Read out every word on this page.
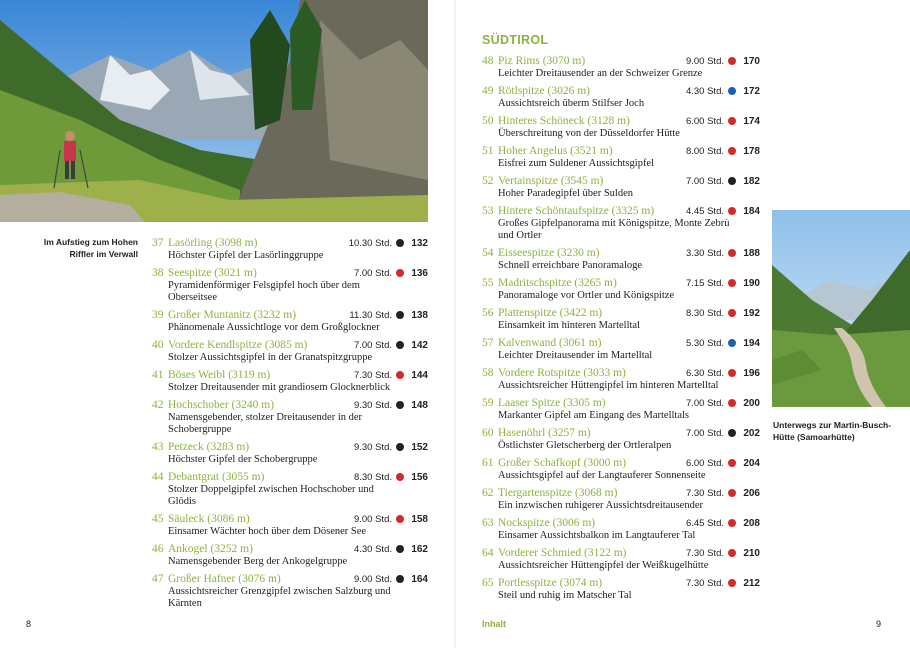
Im Aufstieg zum Hohen Riffler im Verwall
37 Lasörling (3098 m)	10.30 Std. 132
Höchster Gipfel der Lasörlinggruppe
38 Seespitze (3021 m)	7.00 Std. 136
Pyramidenförmiger Felsgipfel hoch über dem Oberseitsee
39 Großer Muntanitz (3232 m)	11.30 Std. 138
Phänomenale Aussichtloge vor dem Großglockner
40 Vordere Kendlspitze (3085 m)	7.00 Std. 142
Stolzer Aussichtsgipfel in der Granatspitzgruppe
41 Böses Weibl (3119 m)	7.30 Std. 144
Stolzer Dreitausender mit grandiosem Glocknerblick
42 Hochschober (3240 m)	9.30 Std. 148
Namensgebender, stolzer Dreitausender in der Schobergruppe
43 Petzeck (3283 m)	9.30 Std. 152
Höchster Gipfel der Schobergruppe
44 Debantgrat (3055 m)	8.30 Std. 156
Stolzer Doppelgipfel zwischen Hochschober und Glödis
45 Säuleck (3086 m)	9.00 Std. 158
Einsamer Wächter hoch über dem Dösener See
46 Ankogel (3252 m)	4.30 Std. 162
Namensgebender Berg der Ankogelgruppe
47 Großer Hafner (3076 m)	9.00 Std. 164
Aussichtsreicher Grenzgipfel zwischen Salzburg und Kärnten
8
SÜDTIROL
48 Piz Rims (3070 m)	9.00 Std. 170
Leichter Dreitausender an der Schweizer Grenze
49 Rötlspitze (3026 m)	4.30 Std. 172
Aussichtsreich überm Stilfser Joch
50 Hinteres Schöneck (3128 m)	6.00 Std. 174
Überschreitung von der Düsseldorfer Hütte
51 Hoher Angelus (3521 m)	8.00 Std. 178
Eisfrei zum Suldener Aussichtsgipfel
52 Vertainspitze (3545 m)	7.00 Std. 182
Hoher Paradegipfel über Sulden
53 Hintere Schöntaufspitze (3325 m)	4.45 Std. 184
Großes Gipfelpanorama mit Königspitze, Monte Zebrù und Ortler
54 Eisseespitze (3230 m)	3.30 Std. 188
Schnell erreichbare Panoramaloge
55 Madritschspitze (3265 m)	7.15 Std. 190
Panoramaloge vor Ortler und Königspitze
56 Plattenspitze (3422 m)	8.30 Std. 192
Einsamkeit im hinteren Martelltal
57 Kalvenwand (3061 m)	5.30 Std. 194
Leichter Dreitausender im Martelltal
58 Vordere Rotspitze (3033 m)	6.30 Std. 196
Aussichtsreicher Hüttengipfel im hinteren Martelltal
59 Laaser Spitze (3305 m)	7.00 Std. 200
Markanter Gipfel am Eingang des Martelltals
60 Hasenöhrl (3257 m)	7.00 Std. 202
Östlichster Gletscherberg der Ortleralpen
61 Großer Schafkopf (3000 m)	6.00 Std. 204
Aussichtsgipfel auf der Langtauferer Sonnenseite
62 Tiergartenspitze (3068 m)	7.30 Std. 206
Ein inzwischen ruhigerer Aussichtsdreitausender
63 Nockspitze (3006 m)	6.45 Std. 208
Einsamer Aussichtsbalkon im Langtauferer Tal
64 Vorderer Schmied (3122 m)	7.30 Std. 210
Aussichtsreicher Hüttengipfel der Weißkugelhütte
65 Portlesspitze (3074 m)	7.30 Std. 212
Steil und ruhig im Matscher Tal
Unterwegs zur Martin-Busch-Hütte (Samoarhütte)
Inhalt	9
